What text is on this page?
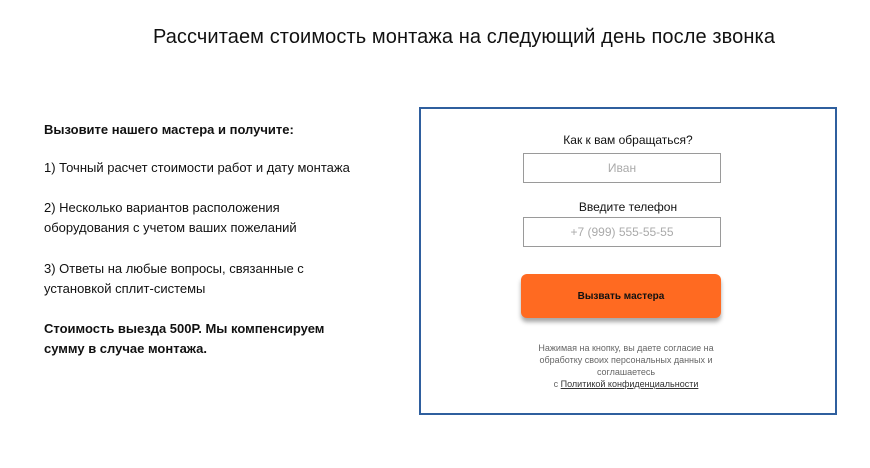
Рассчитаем стоимость монтажа на следующий день после звонка

Вызовите нашего мастера и получите:

1) Точный расчет стоимости работ и дату монтажа

2) Несколько вариантов расположения оборудования с учетом ваших пожеланий

3) Ответы на любые вопросы, связанные с установкой сплит-системы

Стоимость выезда 500Р. Мы компенсируем сумму в случае монтажа.

Как к вам обращаться?
Иван
Введите телефон
+7 (999) 555-55-55
Вызвать мастера
Нажимая на кнопку, вы даете согласие на обработку своих персональных данных и соглашаетесь
с Политикой конфиденциальности
